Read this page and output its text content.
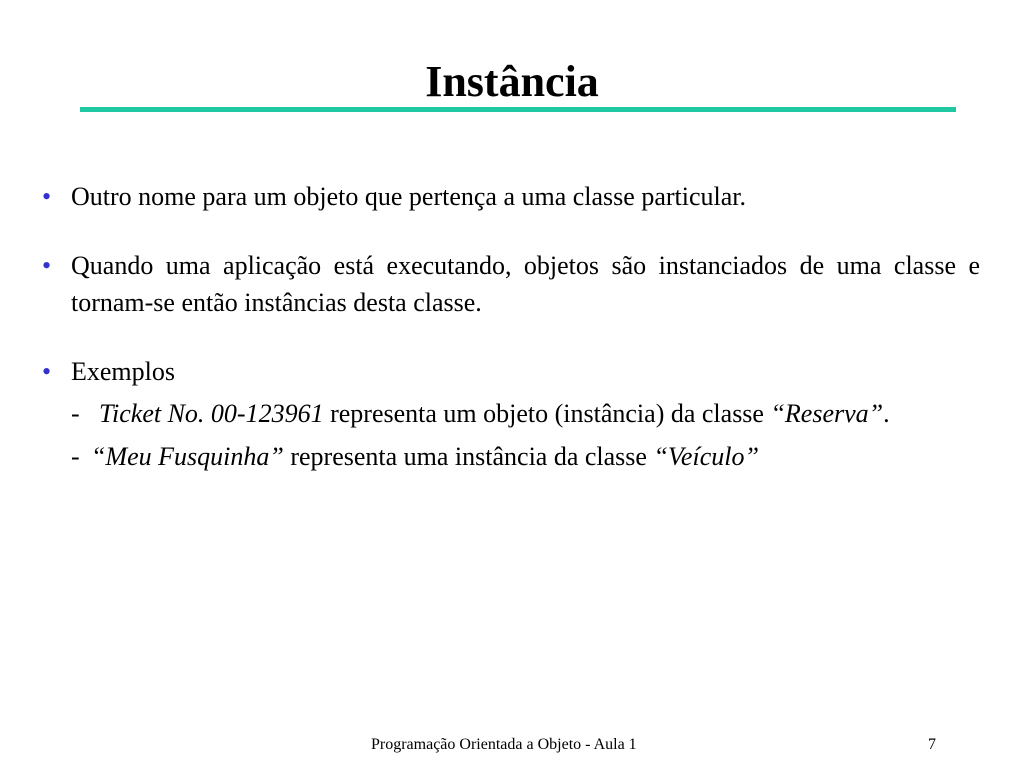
Instância
• Outro nome para um objeto que pertença a uma classe particular.
• Quando uma aplicação está executando, objetos são instanciados de uma classe e tornam-se então instâncias desta classe.
• Exemplos
- Ticket No. 00-123961 representa um objeto (instância) da classe “Reserva”.
- “Meu Fusquinha” representa uma instância da classe “Veículo”
Programação Orientada a Objeto - Aula 1	7
